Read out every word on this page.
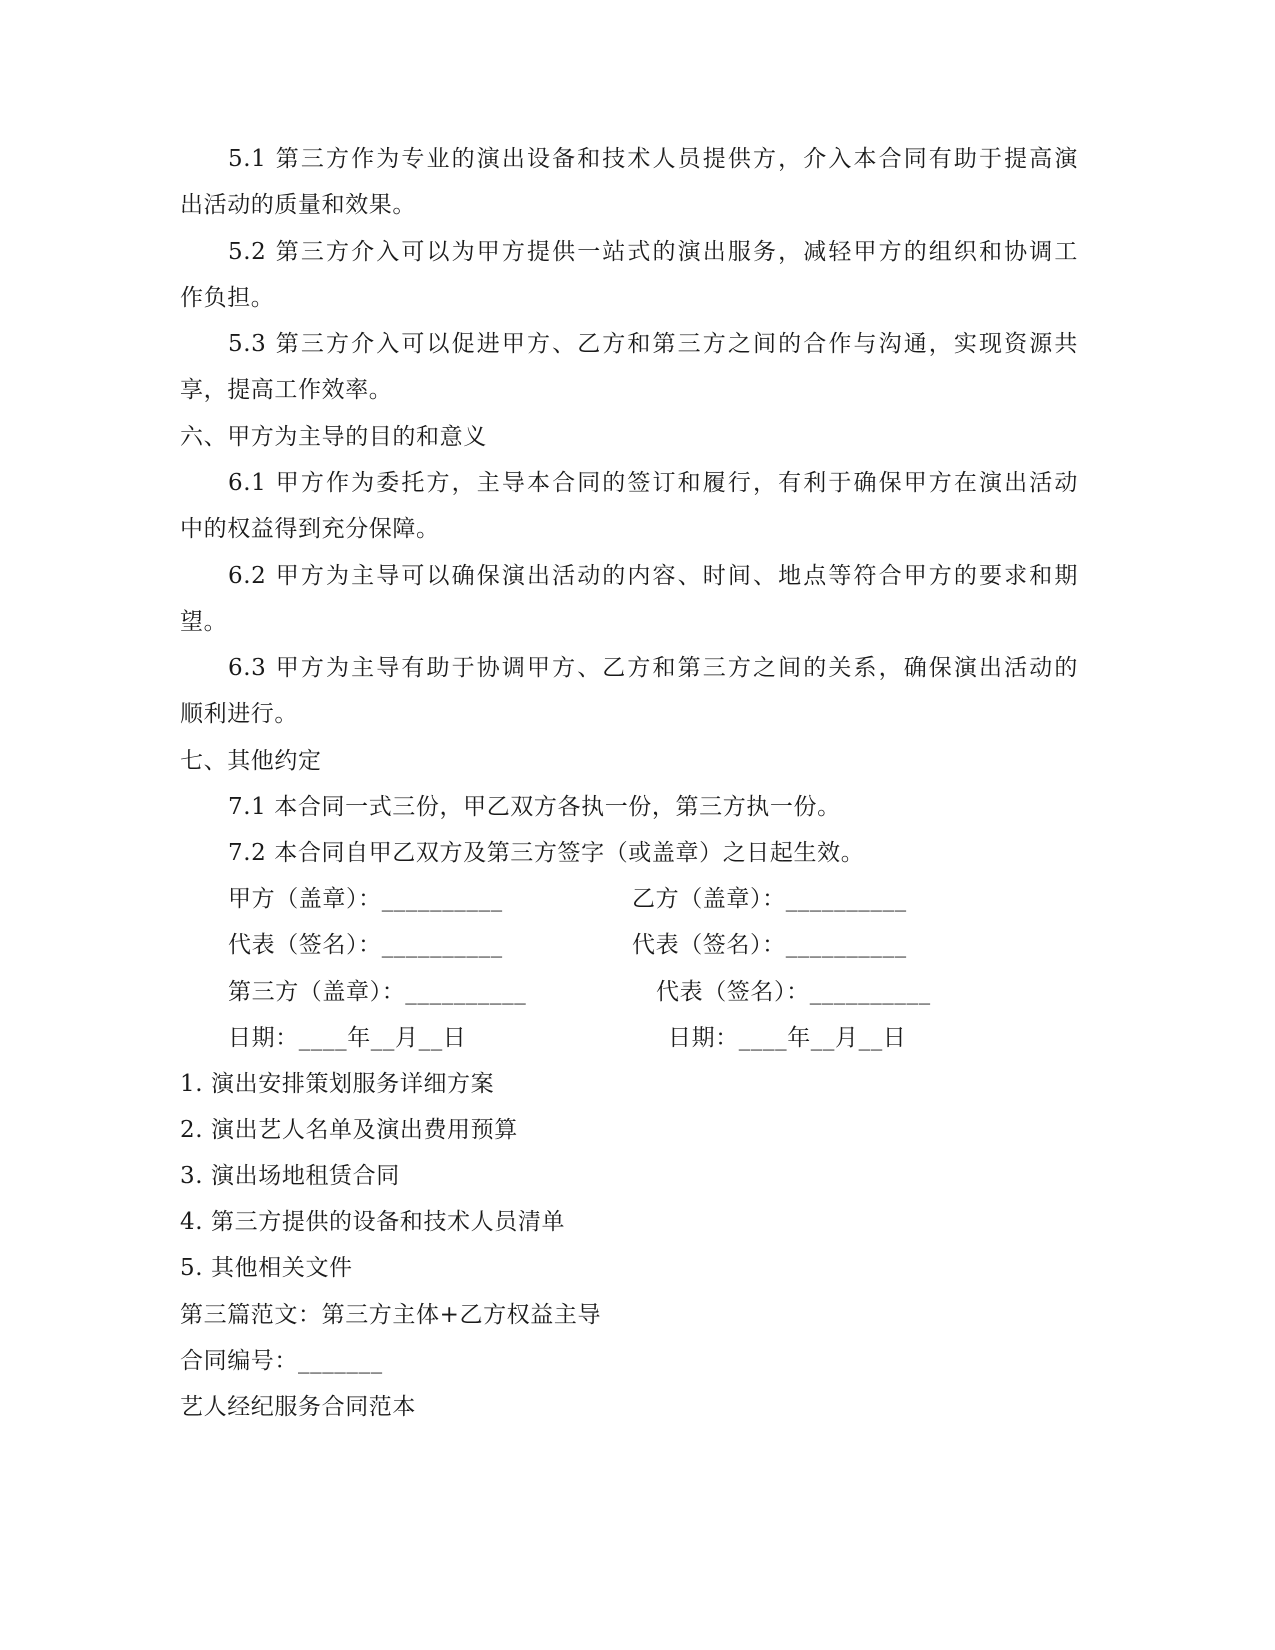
5.1 第三方作为专业的演出设备和技术人员提供方，介入本合同有助于提高演
出活动的质量和效果。
5.2 第三方介入可以为甲方提供一站式的演出服务，减轻甲方的组织和协调工
作负担。
5.3 第三方介入可以促进甲方、乙方和第三方之间的合作与沟通，实现资源共
享，提高工作效率。
六、甲方为主导的目的和意义
6.1 甲方作为委托方，主导本合同的签订和履行，有利于确保甲方在演出活动
中的权益得到充分保障。
6.2 甲方为主导可以确保演出活动的内容、时间、地点等符合甲方的要求和期
望。
6.3 甲方为主导有助于协调甲方、乙方和第三方之间的关系，确保演出活动的
顺利进行。
七、其他约定
7.1 本合同一式三份，甲乙双方各执一份，第三方执一份。
7.2 本合同自甲乙双方及第三方签字（或盖章）之日起生效。
甲方（盖章）：__________	乙方（盖章）：__________
代表（签名）：__________	代表（签名）：__________
第三方（盖章）：__________	代表（签名）：__________
日期：____年__月__日	日期：____年__月__日
1. 演出安排策划服务详细方案
2. 演出艺人名单及演出费用预算
3. 演出场地租赁合同
4. 第三方提供的设备和技术人员清单
5. 其他相关文件
第三篇范文：第三方主体+乙方权益主导
合同编号：_______
艺人经纪服务合同范本
